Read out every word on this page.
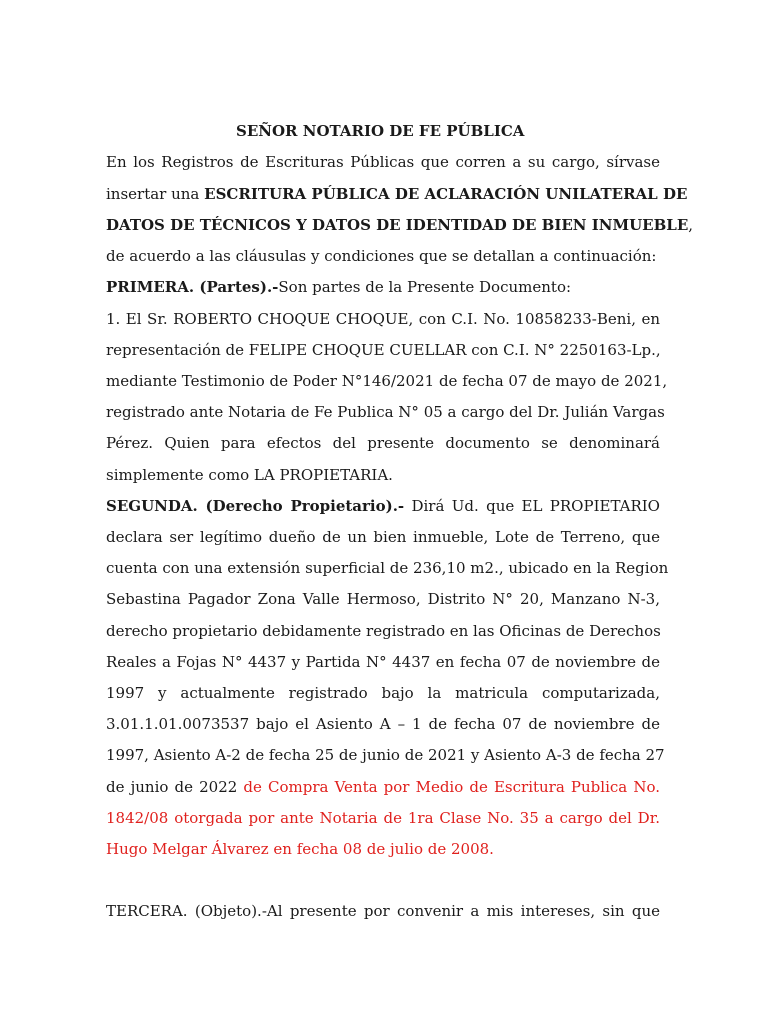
SEÑOR NOTARIO DE FE PÚBLICA
En los Registros de Escrituras Públicas que corren a su cargo, sírvase
insertar una ESCRITURA PÚBLICA DE ACLARACIÓN UNILATERAL DE
DATOS DE TÉCNICOS Y DATOS DE IDENTIDAD DE BIEN INMUEBLE,
de acuerdo a las cláusulas y condiciones que se detallan a continuación:
PRIMERA. (Partes).-Son partes de la Presente Documento:
1. El Sr. ROBERTO CHOQUE CHOQUE, con C.I. No. 10858233-Beni, en
representación de FELIPE CHOQUE CUELLAR con C.I. N° 2250163-Lp.,
mediante Testimonio de Poder N°146/2021 de fecha 07 de mayo de 2021,
registrado ante Notaria de Fe Publica N° 05 a cargo del Dr. Julián Vargas
Pérez. Quien para efectos del presente documento se denominará
simplemente como LA PROPIETARIA.
SEGUNDA. (Derecho Propietario).- Dirá Ud. que EL PROPIETARIO
declara ser legítimo dueño de un bien inmueble, Lote de Terreno, que
cuenta con una extensión superficial de 236,10 m2., ubicado en la Region
Sebastina Pagador Zona Valle Hermoso, Distrito N° 20, Manzano N-3,
derecho propietario debidamente registrado en las Oficinas de Derechos
Reales a Fojas N° 4437 y Partida N° 4437 en fecha 07 de noviembre de
1997 y actualmente registrado bajo la matricula computarizada,
3.01.1.01.0073537 bajo el Asiento A – 1 de fecha 07 de noviembre de
1997, Asiento A-2 de fecha 25 de junio de 2021 y Asiento A-3 de fecha 27
de junio de 2022 de Compra Venta por Medio de Escritura Publica No.
1842/08 otorgada por ante Notaria de 1ra Clase No. 35 a cargo del Dr.
Hugo Melgar Álvarez en fecha 08 de julio de 2008.
TERCERA. (Objeto).-Al presente por convenir a mis intereses, sin que
